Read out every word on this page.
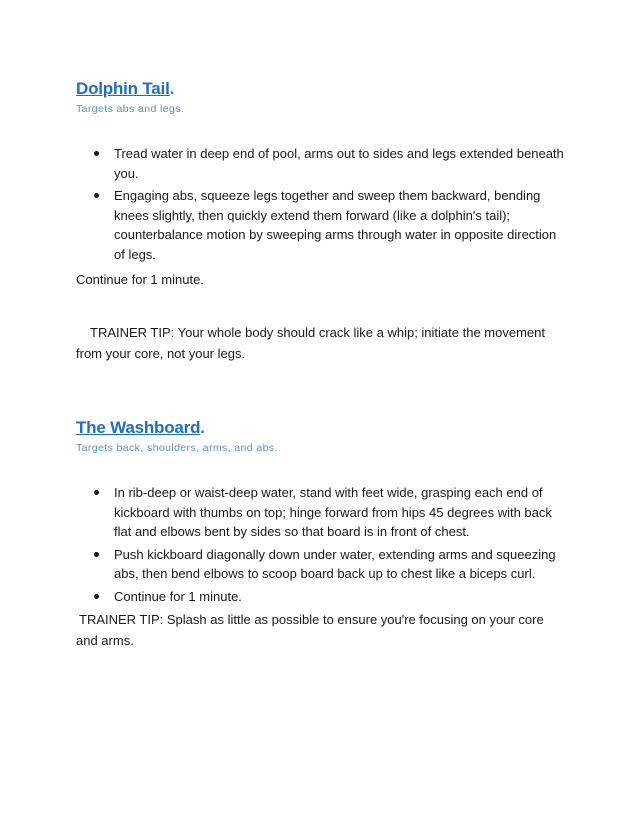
Dolphin Tail.

Targets abs and legs.

Tread water in deep end of pool, arms out to sides and legs extended beneath you.
Engaging abs, squeeze legs together and sweep them backward, bending knees slightly, then quickly extend them forward (like a dolphin's tail); counterbalance motion by sweeping arms through water in opposite direction of legs.

Continue for 1 minute.

TRAINER TIP: Your whole body should crack like a whip; initiate the movement from your core, not your legs.

The Washboard.

Targets back, shoulders, arms, and abs.

In rib-deep or waist-deep water, stand with feet wide, grasping each end of kickboard with thumbs on top; hinge forward from hips 45 degrees with back flat and elbows bent by sides so that board is in front of chest.
Push kickboard diagonally down under water, extending arms and squeezing abs, then bend elbows to scoop board back up to chest like a biceps curl.
Continue for 1 minute.

TRAINER TIP: Splash as little as possible to ensure you're focusing on your core and arms.
